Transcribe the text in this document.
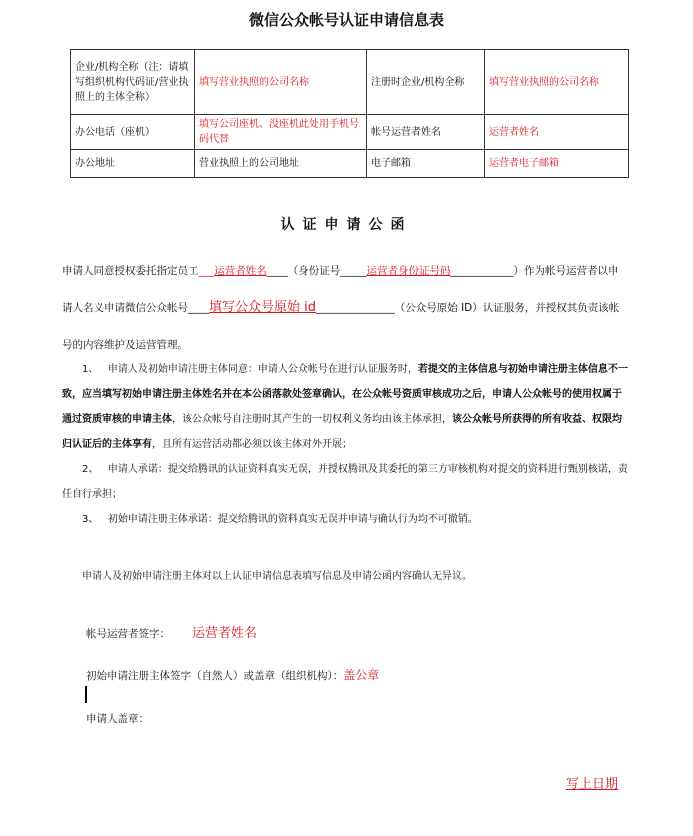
微信公众帐号认证申请信息表
企业/机构全称（注：请填写组织机构代码证/营业执照上的主体全称）	填写营业执照的公司名称	注册时企业/机构全称	填写营业执照的公司名称
办公电话（座机）	填写公司座机、没座机此处用手机号码代替	帐号运营者姓名	运营者姓名
办公地址	营业执照上的公司地址	电子邮箱	运营者电子邮箱
认证申请公函
申请人同意授权委托指定员工___运营者姓名____（身份证号_____运营者身份证号码____________）作为帐号运营者以申请人名义申请微信公众帐号____填写公众号原始 id_______________（公众号原始 ID）认证服务，并授权其负责该帐号的内容维护及运营管理。
1、 申请人及初始申请注册主体同意：申请人公众帐号在进行认证服务时，若提交的主体信息与初始申请注册主体信息不一致，应当填写初始申请注册主体姓名并在本公函落款处签章确认，在公众帐号资质审核成功之后，申请人公众帐号的使用权属于通过资质审核的申请主体，该公众帐号自注册时其产生的一切权利义务均由该主体承担，该公众帐号所获得的所有收益、权限均归认证后的主体享有，且所有运营活动都必须以该主体对外开展；
2、 申请人承诺：提交给腾讯的认证资料真实无误，并授权腾讯及其委托的第三方审核机构对提交的资料进行甄别核诺，责任自行承担；
3、 初始申请注册主体承诺：提交给腾讯的资料真实无误并申请与确认行为均不可撤销。
申请人及初始申请注册主体对以上认证申请信息表填写信息及申请公函内容确认无异议。
帐号运营者签字： 运营者姓名
初始申请注册主体签字（自然人）或盖章（组织机构）：盖公章
申请人盖章：
写上日期
